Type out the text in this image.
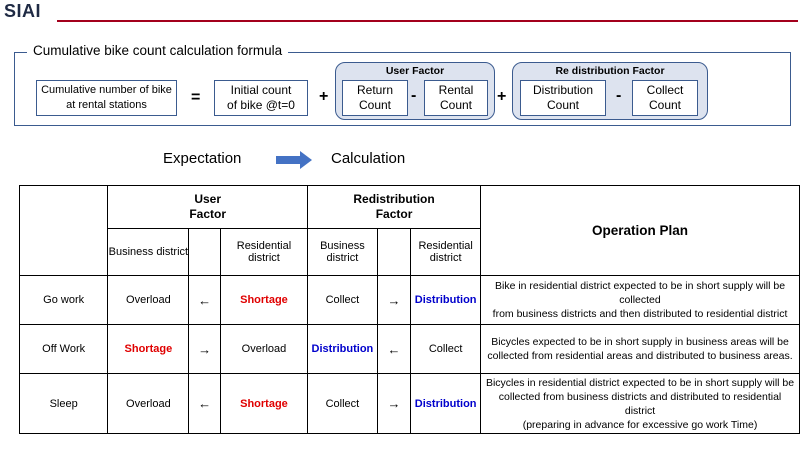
SIAI
Cumulative bike count calculation formula
Cumulative number of bike
at rental stations	=	Initial count
of bike @t=0	+
User Factor
Return
Count
-	Rental
Count	+
Re distribution Factor
Distribution
Count
-	Collect
Count
Expectation	Calculation
	User
Factor			Redistribution
Factor			Operation Plan
	Business district		Residential
district	Business
district		Residential
district	
Go work	Overload	←	Shortage	Collect	→	Distribution	Bike in residential district expected to be in short supply will be collected
from business districts and then distributed to residential district
Off Work	Shortage	→	Overload	Distribution	←	Collect	Bicycles expected to be in short supply in business areas will be
collected from residential areas and distributed to business areas.
Sleep	Overload	←	Shortage	Collect	→	Distribution	Bicycles in residential district expected to be in short supply will be
collected from business districts and distributed to residential district
(preparing in advance for excessive go work Time)
